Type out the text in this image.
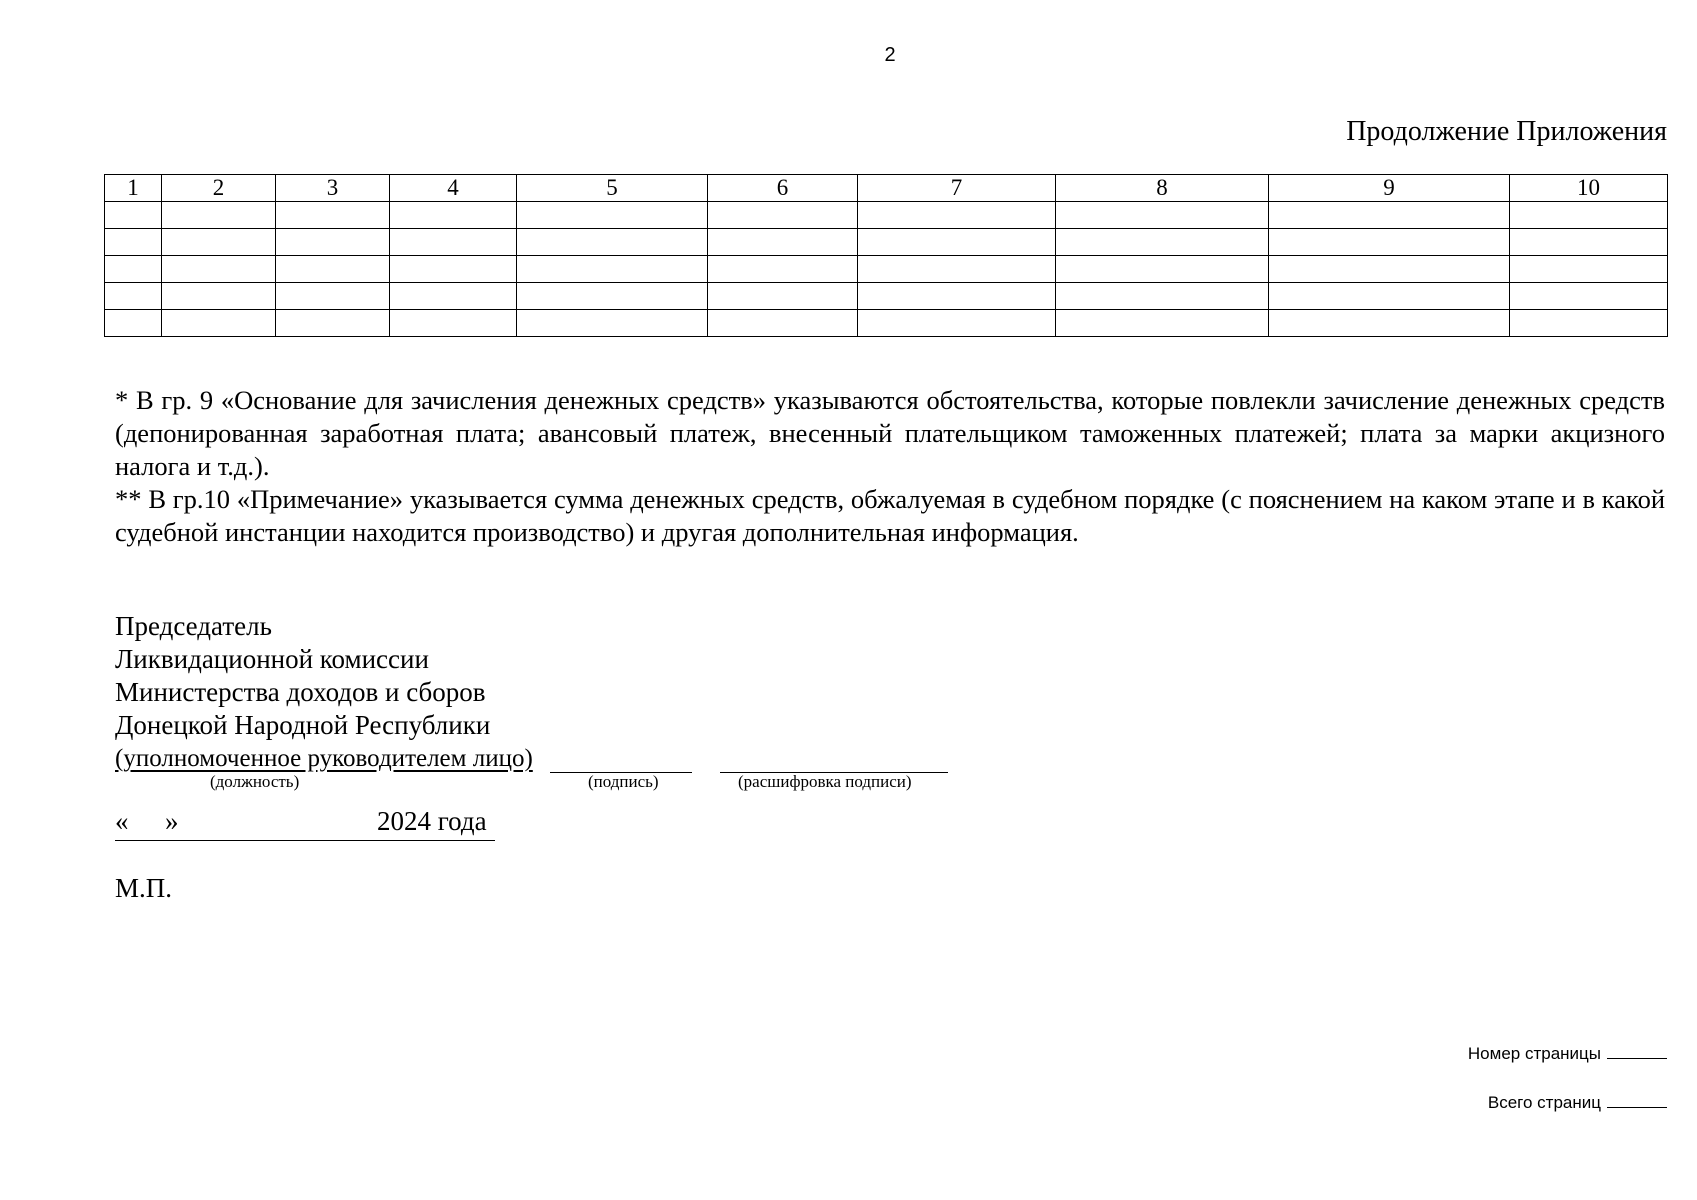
2
Продолжение Приложения
1	2	3	4	5	6	7	8	9	10

* В гр. 9 «Основание для зачисления денежных средств» указываются обстоятельства, которые повлекли зачисление денежных средств (депонированная заработная плата; авансовый платеж, внесенный плательщиком таможенных платежей; плата за марки акцизного налога и т.д.).

** В гр.10 «Примечание» указывается сумма денежных средств, обжалуемая в судебном порядке (с пояснением на каком этапе и в какой судебной инстанции находится производство) и другая дополнительная информация.

Председатель
Ликвидационной комиссии
Министерства доходов и сборов
Донецкой Народной Республики
(уполномоченное руководителем лицо)
(должность)	(подпись)	(расшифровка подписи)
« »	2024 года
М.П.
Номер страницы
Всего страниц
